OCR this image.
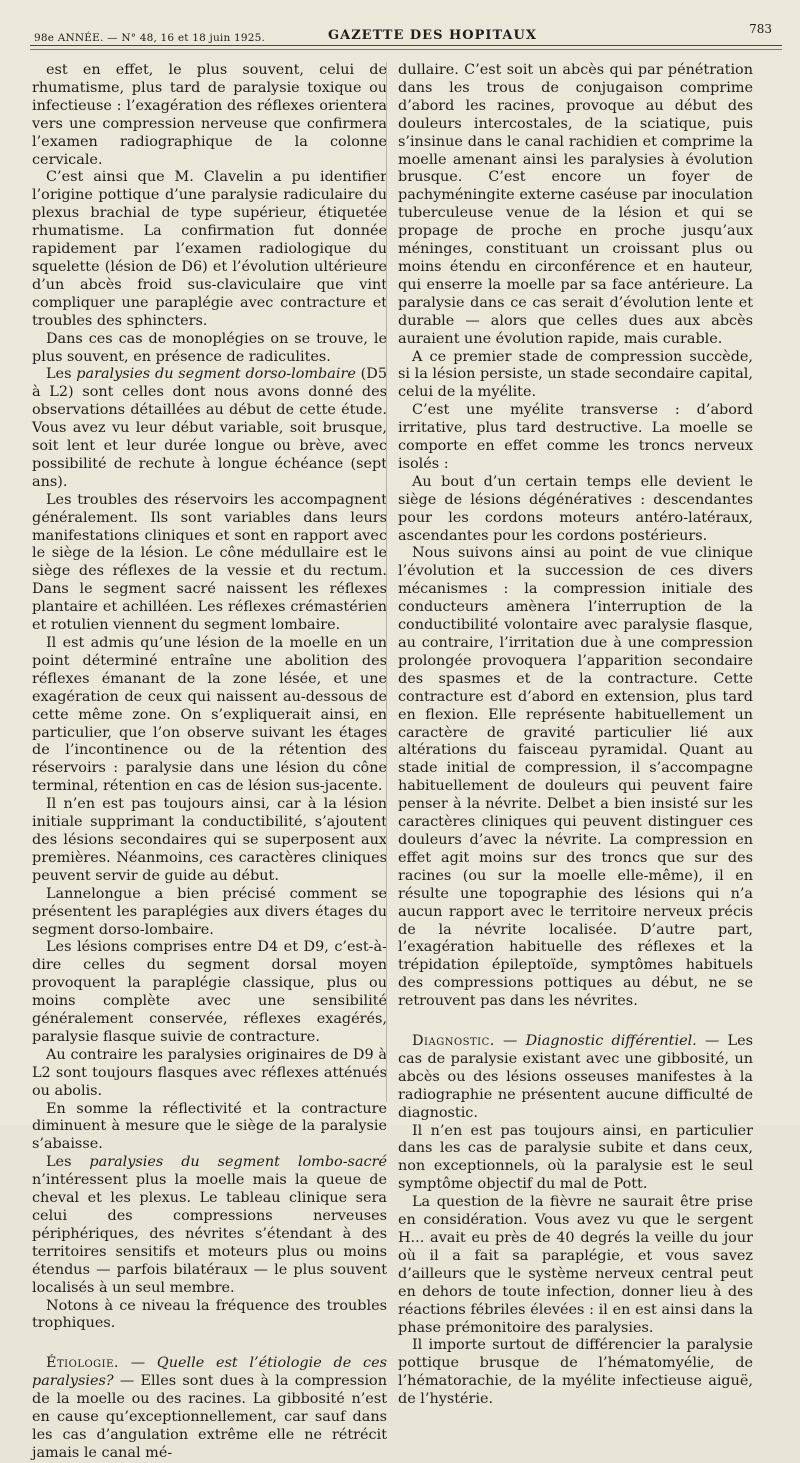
98e ANNÉE. — N° 48, 16 et 18 juin 1925.	GAZETTE DES HOPITAUX	783

est en effet, le plus souvent, celui de rhumatisme, plus tard de paralysie toxique ou infectieuse : l’exagération des réflexes orientera vers une compression nerveuse que confirmera l’examen radiographique de la colonne cervicale.

C’est ainsi que M. Clavelin a pu identifier l’origine pottique d’une paralysie radiculaire du plexus brachial de type supérieur, étiquetée rhumatisme. La confirmation fut donnée rapidement par l’examen radiologique du squelette (lésion de D6) et l’évolution ultérieure d’un abcès froid sus-claviculaire que vint compliquer une paraplégie avec contracture et troubles des sphincters.

Dans ces cas de monoplégies on se trouve, le plus souvent, en présence de radiculites.

Les paralysies du segment dorso-lombaire (D5 à L2) sont celles dont nous avons donné des observations détaillées au début de cette étude. Vous avez vu leur début variable, soit brusque, soit lent et leur durée longue ou brève, avec possibilité de rechute à longue échéance (sept ans).

Les troubles des réservoirs les accompagnent généralement. Ils sont variables dans leurs manifestations cliniques et sont en rapport avec le siège de la lésion. Le cône médullaire est le siège des réflexes de la vessie et du rectum. Dans le segment sacré naissent les réflexes plantaire et achilléen. Les réflexes crémastérien et rotulien viennent du segment lombaire.

Il est admis qu’une lésion de la moelle en un point déterminé entraîne une abolition des réflexes émanant de la zone lésée, et une exagération de ceux qui naissent au-dessous de cette même zone. On s’expliquerait ainsi, en particulier, que l’on observe suivant les étages de l’incontinence ou de la rétention des réservoirs : paralysie dans une lésion du cône terminal, rétention en cas de lésion sus-jacente.

Il n’en est pas toujours ainsi, car à la lésion initiale supprimant la conductibilité, s’ajoutent des lésions secondaires qui se superposent aux premières. Néanmoins, ces caractères cliniques peuvent servir de guide au début.

Lannelongue a bien précisé comment se présentent les paraplégies aux divers étages du segment dorso-lombaire.

Les lésions comprises entre D4 et D9, c’est-à-dire celles du segment dorsal moyen provoquent la paraplégie classique, plus ou moins complète avec une sensibilité généralement conservée, réflexes exagérés, paralysie flasque suivie de contracture.

Au contraire les paralysies originaires de D9 à L2 sont toujours flasques avec réflexes atténués ou abolis.

En somme la réflectivité et la contracture diminuent à mesure que le siège de la paralysie s’abaisse.

Les paralysies du segment lombo-sacré n’intéressent plus la moelle mais la queue de cheval et les plexus. Le tableau clinique sera celui des compressions nerveuses périphériques, des névrites s’étendant à des territoires sensitifs et moteurs plus ou moins étendus — parfois bilatéraux — le plus souvent localisés à un seul membre.

Notons à ce niveau la fréquence des troubles trophiques.

Étiologie. — Quelle est l’étiologie de ces paralysies? — Elles sont dues à la compression de la moelle ou des racines. La gibbosité n’est en cause qu’exceptionnellement, car sauf dans les cas d’angulation extrême elle ne rétrécit jamais le canal mé-

dullaire. C’est soit un abcès qui par pénétration dans les trous de conjugaison comprime d’abord les racines, provoque au début des douleurs intercostales, de la sciatique, puis s’insinue dans le canal rachidien et comprime la moelle amenant ainsi les paralysies à évolution brusque. C’est encore un foyer de pachyméningite externe caséuse par inoculation tuberculeuse venue de la lésion et qui se propage de proche en proche jusqu’aux méninges, constituant un croissant plus ou moins étendu en circonférence et en hauteur, qui enserre la moelle par sa face antérieure. La paralysie dans ce cas serait d’évolution lente et durable — alors que celles dues aux abcès auraient une évolution rapide, mais curable.

A ce premier stade de compression succède, si la lésion persiste, un stade secondaire capital, celui de la myélite.

C’est une myélite transverse : d’abord irritative, plus tard destructive. La moelle se comporte en effet comme les troncs nerveux isolés :

Au bout d’un certain temps elle devient le siège de lésions dégénératives : descendantes pour les cordons moteurs antéro-latéraux, ascendantes pour les cordons postérieurs.

Nous suivons ainsi au point de vue clinique l’évolution et la succession de ces divers mécanismes : la compression initiale des conducteurs amènera l’interruption de la conductibilité volontaire avec paralysie flasque, au contraire, l’irritation due à une compression prolongée provoquera l’apparition secondaire des spasmes et de la contracture. Cette contracture est d’abord en extension, plus tard en flexion. Elle représente habituellement un caractère de gravité particulier lié aux altérations du faisceau pyramidal. Quant au stade initial de compression, il s’accompagne habituellement de douleurs qui peuvent faire penser à la névrite. Delbet a bien insisté sur les caractères cliniques qui peuvent distinguer ces douleurs d’avec la névrite. La compression en effet agit moins sur des troncs que sur des racines (ou sur la moelle elle-même), il en résulte une topographie des lésions qui n’a aucun rapport avec le territoire nerveux précis de la névrite localisée. D’autre part, l’exagération habituelle des réflexes et la trépidation épileptoïde, symptômes habituels des compressions pottiques au début, ne se retrouvent pas dans les névrites.

Diagnostic. — Diagnostic différentiel. — Les cas de paralysie existant avec une gibbosité, un abcès ou des lésions osseuses manifestes à la radiographie ne présentent aucune difficulté de diagnostic.

Il n’en est pas toujours ainsi, en particulier dans les cas de paralysie subite et dans ceux, non exceptionnels, où la paralysie est le seul symptôme objectif du mal de Pott.

La question de la fièvre ne saurait être prise en considération. Vous avez vu que le sergent H... avait eu près de 40 degrés la veille du jour où il a fait sa paraplégie, et vous savez d’ailleurs que le système nerveux central peut en dehors de toute infection, donner lieu à des réactions fébriles élevées : il en est ainsi dans la phase prémonitoire des paralysies.

Il importe surtout de différencier la paralysie pottique brusque de l’hématomyélie, de l’hématorachie, de la myélite infectieuse aiguë, de l’hystérie.
